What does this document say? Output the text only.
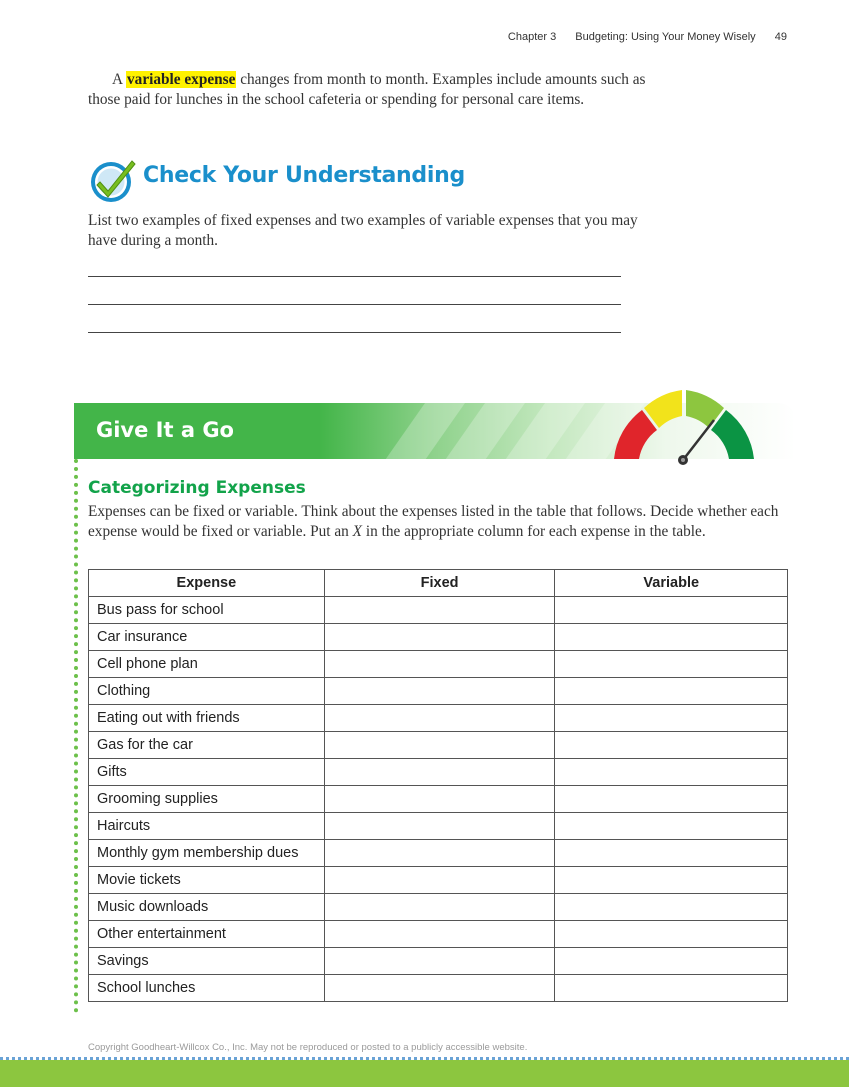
Chapter 3 Budgeting: Using Your Money Wisely 49

A variable expense changes from month to month. Examples include amounts such as those paid for lunches in the school cafeteria or spending for personal care items.

Check Your Understanding

List two examples of fixed expenses and two examples of variable expenses that you may have during a month.

Give It a Go
Categorizing Expenses

Expenses can be fixed or variable. Think about the expenses listed in the table that follows. Decide whether each expense would be fixed or variable. Put an X in the appropriate column for each expense in the table.

Expense	Fixed	Variable
Bus pass for school		
Car insurance		
Cell phone plan		
Clothing		
Eating out with friends		
Gas for the car		
Gifts		
Grooming supplies		
Haircuts		
Monthly gym membership dues		
Movie tickets		
Music downloads		
Other entertainment		
Savings		
School lunches		
Copyright Goodheart-Willcox Co., Inc. May not be reproduced or posted to a publicly accessible website.
